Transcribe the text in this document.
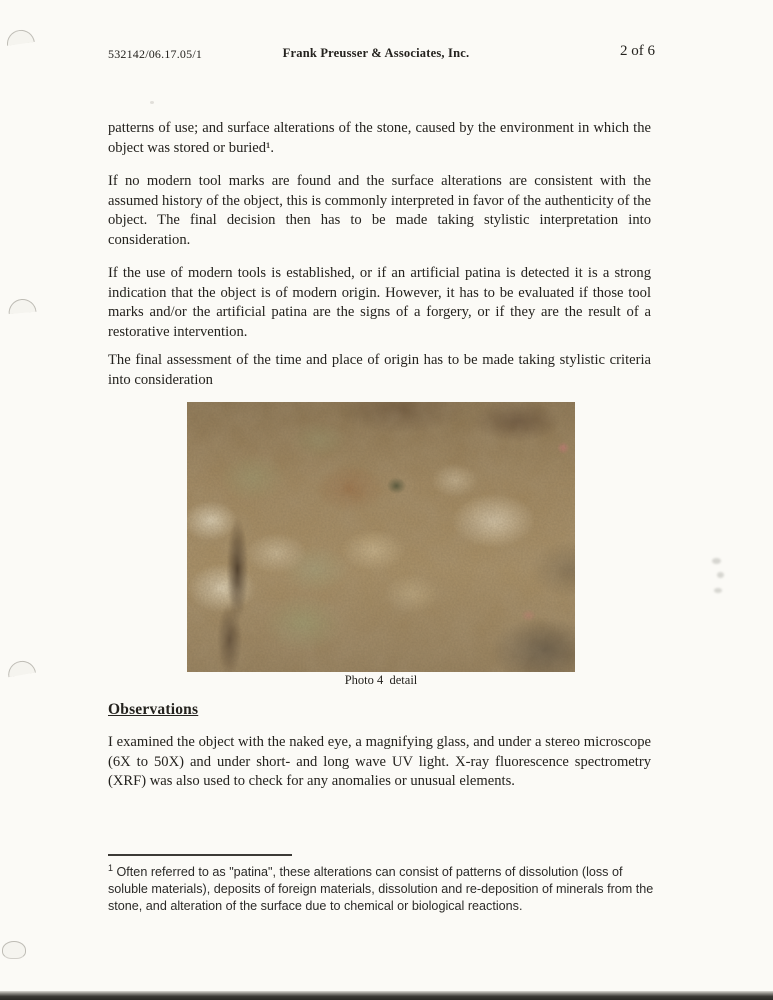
532142/06.17.05/1	Frank Preusser & Associates, Inc.	2 of 6
patterns of use; and surface alterations of the stone, caused by the environment in which the object was stored or buried¹.
If no modern tool marks are found and the surface alterations are consistent with the assumed history of the object, this is commonly interpreted in favor of the authenticity of the object. The final decision then has to be made taking stylistic interpretation into consideration.
If the use of modern tools is established, or if an artificial patina is detected it is a strong indication that the object is of modern origin. However, it has to be evaluated if those tool marks and/or the artificial patina are the signs of a forgery, or if they are the result of a restorative intervention.
The final assessment of the time and place of origin has to be made taking stylistic criteria into consideration
Photo 4  detail
Observations
I examined the object with the naked eye, a magnifying glass, and under a stereo microscope (6X to 50X) and under short- and long wave UV light. X-ray fluorescence spectrometry (XRF) was also used to check for any anomalies or unusual elements.
$^1$ Often referred to as "patina", these alterations can consist of patterns of dissolution (loss of soluble materials), deposits of foreign materials, dissolution and re-deposition of minerals from the stone, and alteration of the surface due to chemical or biological reactions.
